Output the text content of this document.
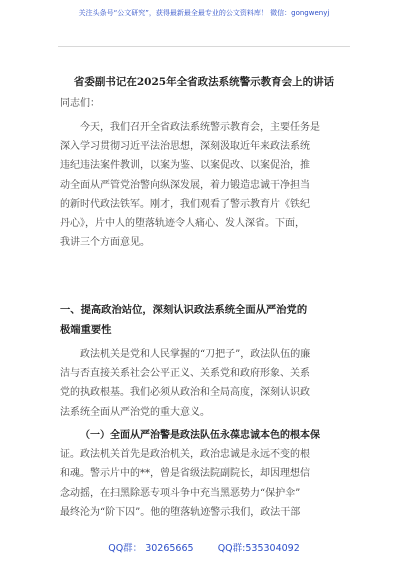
关注头条号“公文研究”，获得最新最全最专业的公文资料库！ 微信：gongwenyj
省委副书记在2025年全省政法系统警示教育会上的讲话
同志们：
今天，我们召开全省政法系统警示教育会，主要任务是
深入学习贯彻习近平法治思想，深刻汲取近年来政法系统
违纪违法案件教训，以案为鉴、以案促改、以案促治，推
动全面从严管党治警向纵深发展，着力锻造忠诚干净担当
的新时代政法铁军。刚才，我们观看了警示教育片《铁纪
丹心》，片中人的堕落轨迹令人痛心、发人深省。下面，
我讲三个方面意见。
一、提高政治站位，深刻认识政法系统全面从严治党的
极端重要性
政法机关是党和人民掌握的“刀把子”，政法队伍的廉
洁与否直接关系社会公平正义、关系党和政府形象、关系
党的执政根基。我们必须从政治和全局高度，深刻认识政
法系统全面从严治党的重大意义。
（一）全面从严治警是政法队伍永葆忠诚本色的根本保
证。政法机关首先是政治机关，政治忠诚是永远不变的根
和魂。警示片中的**，曾是省级法院副院长，却因理想信
念动摇，在扫黑除恶专项斗争中充当黑恶势力“保护伞”
最终沦为“阶下囚”。他的堕落轨迹警示我们，政法干部
QQ群： 30265665        QQ群:535304092
